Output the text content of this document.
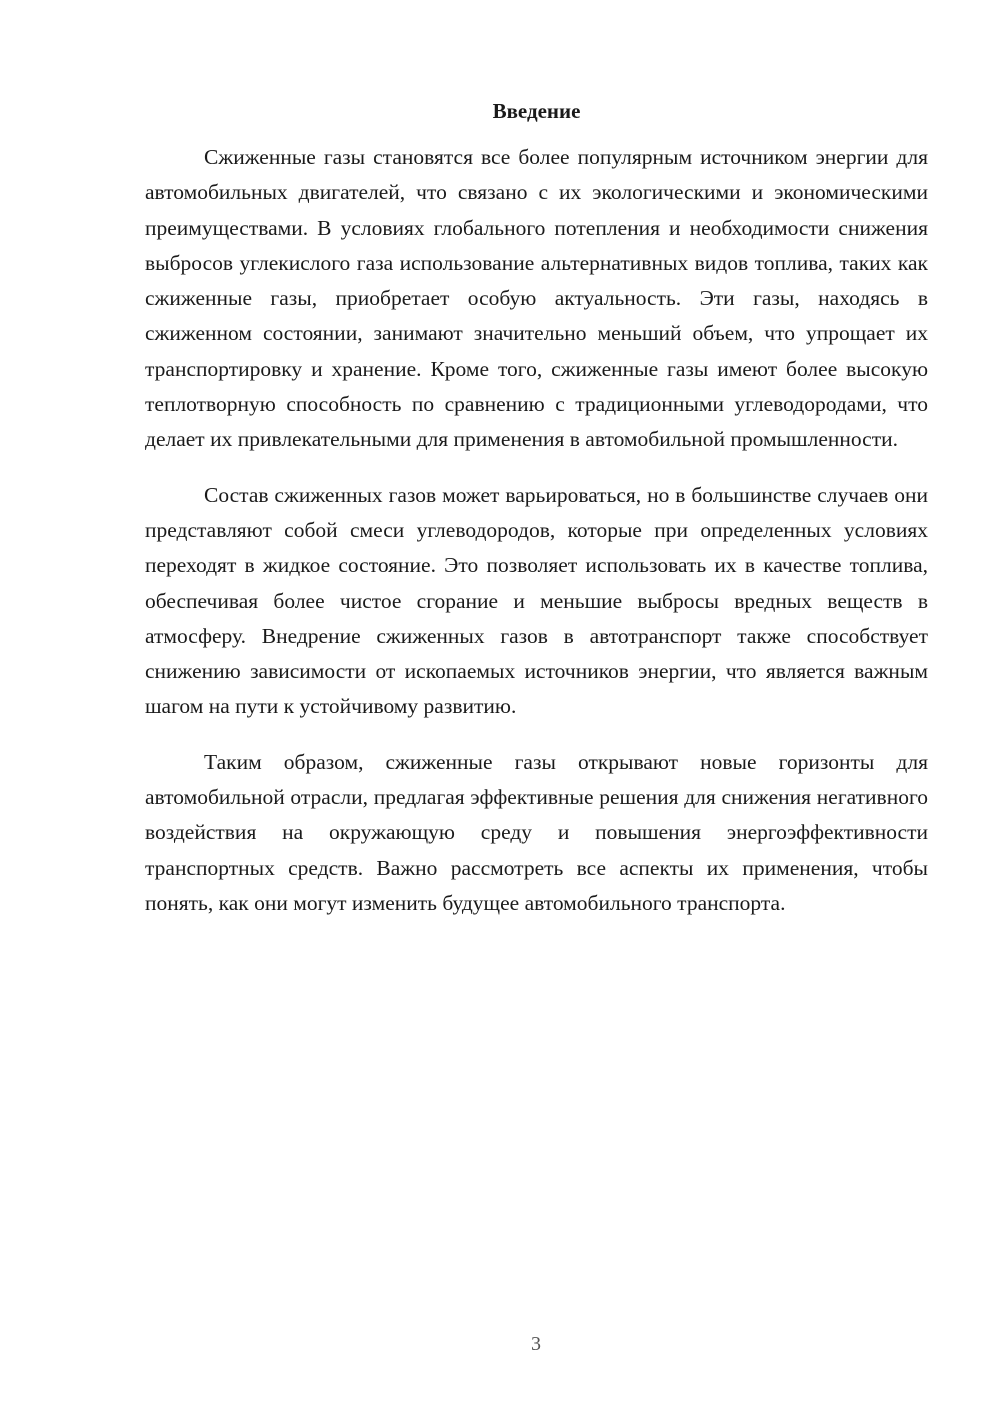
Введение

Сжиженные газы становятся все более популярным источником энергии для автомобильных двигателей, что связано с их экологическими и экономическими преимуществами. В условиях глобального потепления и необходимости снижения выбросов углекислого газа использование альтернативных видов топлива, таких как сжиженные газы, приобретает особую актуальность. Эти газы, находясь в сжиженном состоянии, занимают значительно меньший объем, что упрощает их транспортировку и хранение. Кроме того, сжиженные газы имеют более высокую теплотворную способность по сравнению с традиционными углеводородами, что делает их привлекательными для применения в автомобильной промышленности.

Состав сжиженных газов может варьироваться, но в большинстве случаев они представляют собой смеси углеводородов, которые при определенных условиях переходят в жидкое состояние. Это позволяет использовать их в качестве топлива, обеспечивая более чистое сгорание и меньшие выбросы вредных веществ в атмосферу. Внедрение сжиженных газов в автотранспорт также способствует снижению зависимости от ископаемых источников энергии, что является важным шагом на пути к устойчивому развитию.

Таким образом, сжиженные газы открывают новые горизонты для автомобильной отрасли, предлагая эффективные решения для снижения негативного воздействия на окружающую среду и повышения энергоэффективности транспортных средств. Важно рассмотреть все аспекты их применения, чтобы понять, как они могут изменить будущее автомобильного транспорта.

3
